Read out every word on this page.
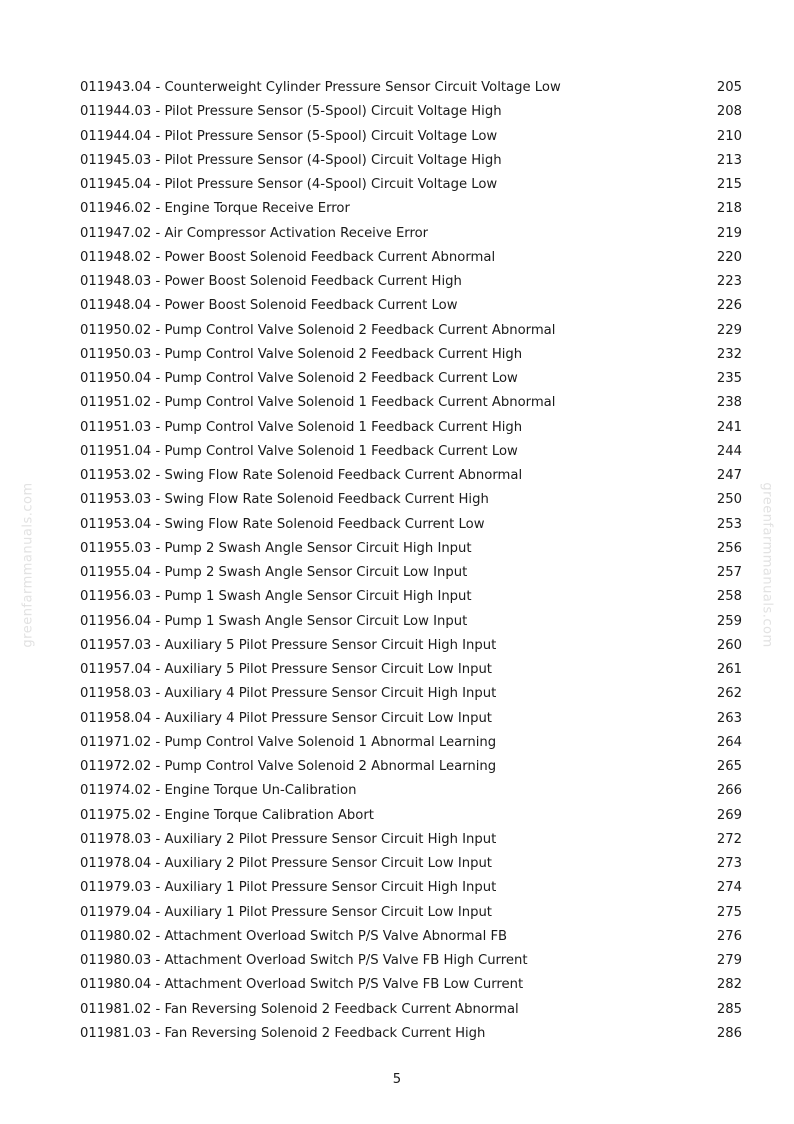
greenfarmmanuals.com	greenfarmmanuals.com
011943.04 - Counterweight Cylinder Pressure Sensor Circuit Voltage Low	205
011944.03 - Pilot Pressure Sensor (5-Spool) Circuit Voltage High	208
011944.04 - Pilot Pressure Sensor (5-Spool) Circuit Voltage Low	210
011945.03 - Pilot Pressure Sensor (4-Spool) Circuit Voltage High	213
011945.04 - Pilot Pressure Sensor (4-Spool) Circuit Voltage Low	215
011946.02 - Engine Torque Receive Error	218
011947.02 - Air Compressor Activation Receive Error	219
011948.02 - Power Boost Solenoid Feedback Current Abnormal	220
011948.03 - Power Boost Solenoid Feedback Current High	223
011948.04 - Power Boost Solenoid Feedback Current Low	226
011950.02 - Pump Control Valve Solenoid 2 Feedback Current Abnormal	229
011950.03 - Pump Control Valve Solenoid 2 Feedback Current High	232
011950.04 - Pump Control Valve Solenoid 2 Feedback Current Low	235
011951.02 - Pump Control Valve Solenoid 1 Feedback Current Abnormal	238
011951.03 - Pump Control Valve Solenoid 1 Feedback Current High	241
011951.04 - Pump Control Valve Solenoid 1 Feedback Current Low	244
011953.02 - Swing Flow Rate Solenoid Feedback Current Abnormal	247
011953.03 - Swing Flow Rate Solenoid Feedback Current High	250
011953.04 - Swing Flow Rate Solenoid Feedback Current Low	253
011955.03 - Pump 2 Swash Angle Sensor Circuit High Input	256
011955.04 - Pump 2 Swash Angle Sensor Circuit Low Input	257
011956.03 - Pump 1 Swash Angle Sensor Circuit High Input	258
011956.04 - Pump 1 Swash Angle Sensor Circuit Low Input	259
011957.03 - Auxiliary 5 Pilot Pressure Sensor Circuit High Input	260
011957.04 - Auxiliary 5 Pilot Pressure Sensor Circuit Low Input	261
011958.03 - Auxiliary 4 Pilot Pressure Sensor Circuit High Input	262
011958.04 - Auxiliary 4 Pilot Pressure Sensor Circuit Low Input	263
011971.02 - Pump Control Valve Solenoid 1 Abnormal Learning	264
011972.02 - Pump Control Valve Solenoid 2 Abnormal Learning	265
011974.02 - Engine Torque Un-Calibration	266
011975.02 - Engine Torque Calibration Abort	269
011978.03 - Auxiliary 2 Pilot Pressure Sensor Circuit High Input	272
011978.04 - Auxiliary 2 Pilot Pressure Sensor Circuit Low Input	273
011979.03 - Auxiliary 1 Pilot Pressure Sensor Circuit High Input	274
011979.04 - Auxiliary 1 Pilot Pressure Sensor Circuit Low Input	275
011980.02 - Attachment Overload Switch P/S Valve Abnormal FB	276
011980.03 - Attachment Overload Switch P/S Valve FB High Current	279
011980.04 - Attachment Overload Switch P/S Valve FB Low Current	282
011981.02 - Fan Reversing Solenoid 2 Feedback Current Abnormal	285
011981.03 - Fan Reversing Solenoid 2 Feedback Current High	286
5
